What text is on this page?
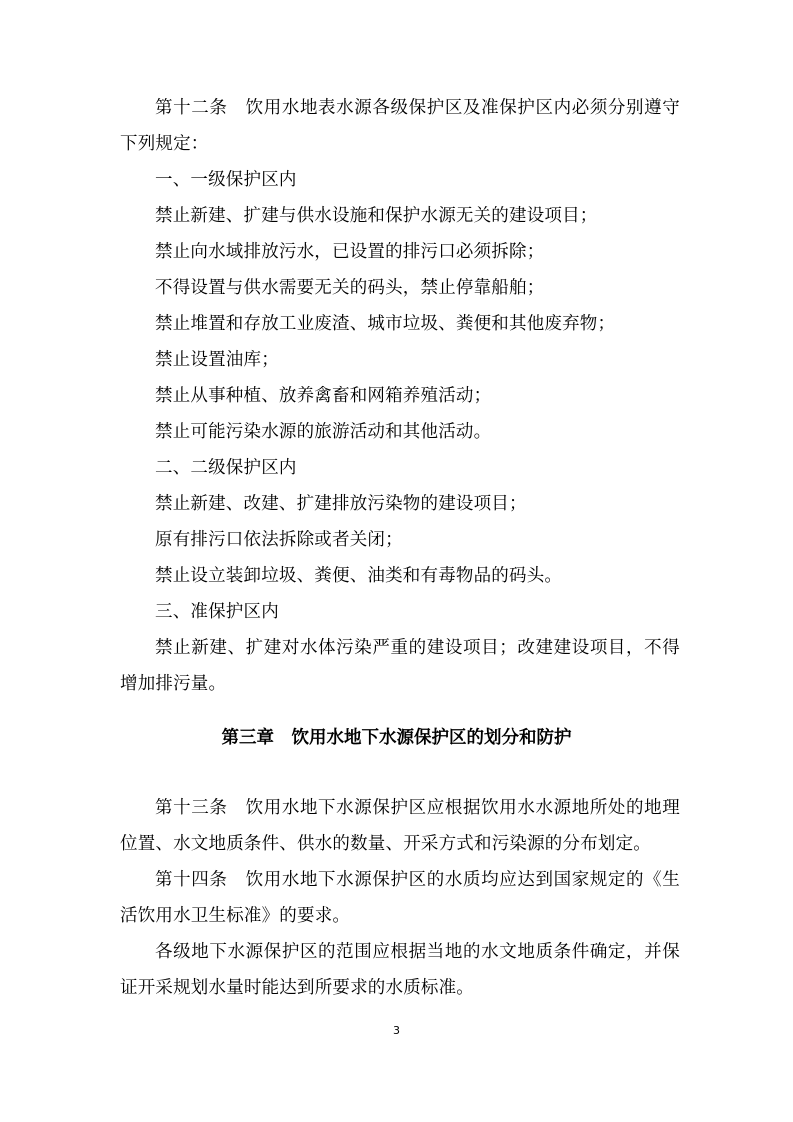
第十二条　饮用水地表水源各级保护区及准保护区内必须分别遵守下列规定：

一、一级保护区内

禁止新建、扩建与供水设施和保护水源无关的建设项目；

禁止向水域排放污水，已设置的排污口必须拆除；

不得设置与供水需要无关的码头，禁止停靠船舶；

禁止堆置和存放工业废渣、城市垃圾、粪便和其他废弃物；

禁止设置油库；

禁止从事种植、放养禽畜和网箱养殖活动；

禁止可能污染水源的旅游活动和其他活动。

二、二级保护区内

禁止新建、改建、扩建排放污染物的建设项目；

原有排污口依法拆除或者关闭；

禁止设立装卸垃圾、粪便、油类和有毒物品的码头。

三、准保护区内

禁止新建、扩建对水体污染严重的建设项目；改建建设项目，不得增加排污量。

第三章　饮用水地下水源保护区的划分和防护

第十三条　饮用水地下水源保护区应根据饮用水水源地所处的地理位置、水文地质条件、供水的数量、开采方式和污染源的分布划定。

第十四条　饮用水地下水源保护区的水质均应达到国家规定的《生活饮用水卫生标准》的要求。

各级地下水源保护区的范围应根据当地的水文地质条件确定，并保证开采规划水量时能达到所要求的水质标准。

3
